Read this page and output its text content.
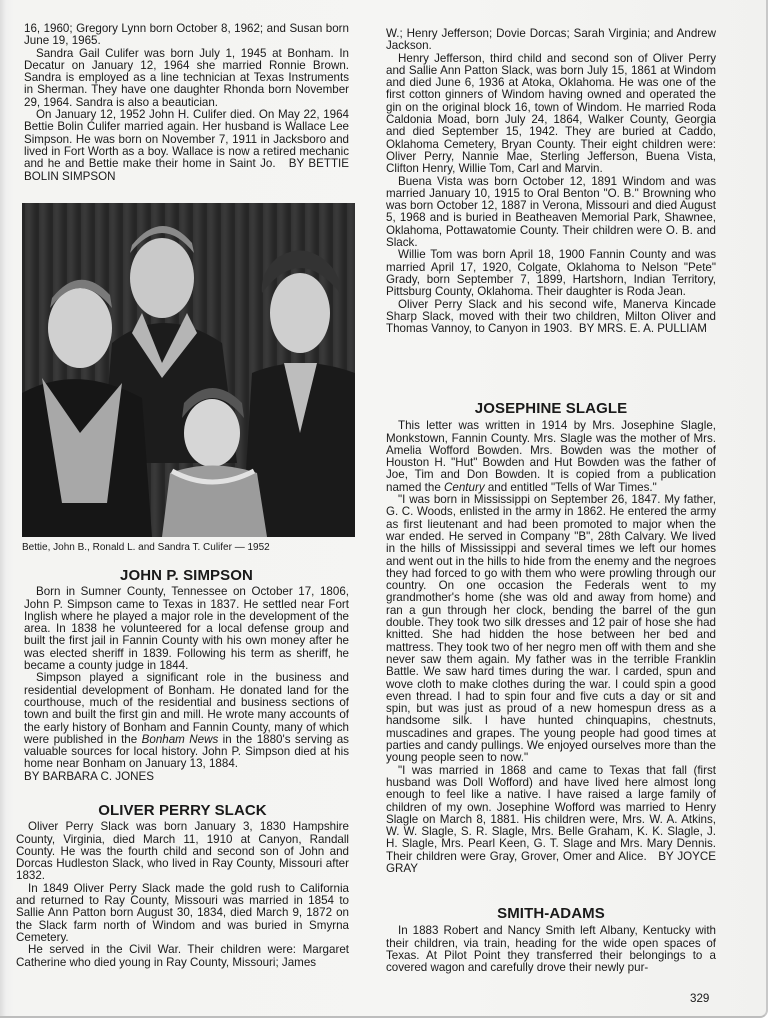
16, 1960; Gregory Lynn born October 8, 1962; and Susan born June 19, 1965.

Sandra Gail Culifer was born July 1, 1945 at Bonham. In Decatur on January 12, 1964 she married Ronnie Brown. Sandra is employed as a line technician at Texas Instruments in Sherman. They have one daughter Rhonda born November 29, 1964. Sandra is also a beautician.

On January 12, 1952 John H. Culifer died. On May 22, 1964 Bettie Bolin Culifer married again. Her husband is Wallace Lee Simpson. He was born on November 7, 1911 in Jacksboro and lived in Fort Worth as a boy. Wallace is now a retired mechanic and he and Bettie make their home in Saint Jo.   BY BETTIE BOLIN SIMPSON

Bettie, John B., Ronald L. and Sandra T. Culifer — 1952
JOHN P. SIMPSON

Born in Sumner County, Tennessee on October 17, 1806, John P. Simpson came to Texas in 1837. He settled near Fort Inglish where he played a major role in the development of the area. In 1838 he volunteered for a local defense group and built the first jail in Fannin County with his own money after he was elected sheriff in 1839. Following his term as sheriff, he became a county judge in 1844.

Simpson played a significant role in the business and residential development of Bonham. He donated land for the courthouse, much of the residential and business sections of town and built the first gin and mill. He wrote many accounts of the early history of Bonham and Fannin County, many of which were published in the Bonham News in the 1880's serving as valuable sources for local history. John P. Simpson died at his home near Bonham on January 13, 1884.

BY BARBARA C. JONES

OLIVER PERRY SLACK

Oliver Perry Slack was born January 3, 1830 Hampshire County, Virginia, died March 11, 1910 at Canyon, Randall County. He was the fourth child and second son of John and Dorcas Hudleston Slack, who lived in Ray County, Missouri after 1832.

In 1849 Oliver Perry Slack made the gold rush to California and returned to Ray County, Missouri was married in 1854 to Sallie Ann Patton born August 30, 1834, died March 9, 1872 on the Slack farm north of Windom and was buried in Smyrna Cemetery.

He served in the Civil War. Their children were: Margaret Catherine who died young in Ray County, Missouri; James

W.; Henry Jefferson; Dovie Dorcas; Sarah Virginia; and Andrew Jackson.

Henry Jefferson, third child and second son of Oliver Perry and Sallie Ann Patton Slack, was born July 15, 1861 at Windom and died June 6, 1936 at Atoka, Oklahoma. He was one of the first cotton ginners of Windom having owned and operated the gin on the original block 16, town of Windom. He married Roda Caldonia Moad, born July 24, 1864, Walker County, Georgia and died September 15, 1942. They are buried at Caddo, Oklahoma Cemetery, Bryan County. Their eight children were: Oliver Perry, Nannie Mae, Sterling Jefferson, Buena Vista, Clifton Henry, Willie Tom, Carl and Marvin.

Buena Vista was born October 12, 1891 Windom and was married January 10, 1915 to Oral Benton "O. B." Browning who was born October 12, 1887 in Verona, Missouri and died August 5, 1968 and is buried in Beatheaven Memorial Park, Shawnee, Oklahoma, Pottawatomie County. Their children were O. B. and Slack.

Willie Tom was born April 18, 1900 Fannin County and was married April 17, 1920, Colgate, Oklahoma to Nelson "Pete" Grady, born September 7, 1899, Hartshorn, Indian Territory, Pittsburg County, Oklahoma. Their daughter is Roda Jean.

Oliver Perry Slack and his second wife, Manerva Kincade Sharp Slack, moved with their two children, Milton Oliver and Thomas Vannoy, to Canyon in 1903.  BY MRS. E. A. PULLIAM

JOSEPHINE SLAGLE

This letter was written in 1914 by Mrs. Josephine Slagle, Monkstown, Fannin County. Mrs. Slagle was the mother of Mrs. Amelia Wofford Bowden. Mrs. Bowden was the mother of Houston H. "Hut" Bowden and Hut Bowden was the father of Joe, Tim and Don Bowden. It is copied from a publication named the Century and entitled "Tells of War Times."

"I was born in Mississippi on September 26, 1847. My father, G. C. Woods, enlisted in the army in 1862. He entered the army as first lieutenant and had been promoted to major when the war ended. He served in Company "B", 28th Calvary. We lived in the hills of Mississippi and several times we left our homes and went out in the hills to hide from the enemy and the negroes they had forced to go with them who were prowling through our country. On one occasion the Federals went to my grandmother's home (she was old and away from home) and ran a gun through her clock, bending the barrel of the gun double. They took two silk dresses and 12 pair of hose she had knitted. She had hidden the hose between her bed and mattress. They took two of her negro men off with them and she never saw them again. My father was in the terrible Franklin Battle. We saw hard times during the war. I carded, spun and wove cloth to make clothes during the war. I could spin a good even thread. I had to spin four and five cuts a day or sit and spin, but was just as proud of a new homespun dress as a handsome silk. I have hunted chinquapins, chestnuts, muscadines and grapes. The young people had good times at parties and candy pullings. We enjoyed ourselves more than the young people seen to now."

"I was married in 1868 and came to Texas that fall (first husband was Doll Wofford) and have lived here almost long enough to feel like a native. I have raised a large family of children of my own. Josephine Wofford was married to Henry Slagle on March 8, 1881. His children were, Mrs. W. A. Atkins, W. W. Slagle, S. R. Slagle, Mrs. Belle Graham, K. K. Slagle, J. H. Slagle, Mrs. Pearl Keen, G. T. Slage and Mrs. Mary Dennis. Their children were Gray, Grover, Omer and Alice.   BY JOYCE GRAY

SMITH-ADAMS

In 1883 Robert and Nancy Smith left Albany, Kentucky with their children, via train, heading for the wide open spaces of Texas. At Pilot Point they transferred their belongings to a covered wagon and carefully drove their newly pur-

329
